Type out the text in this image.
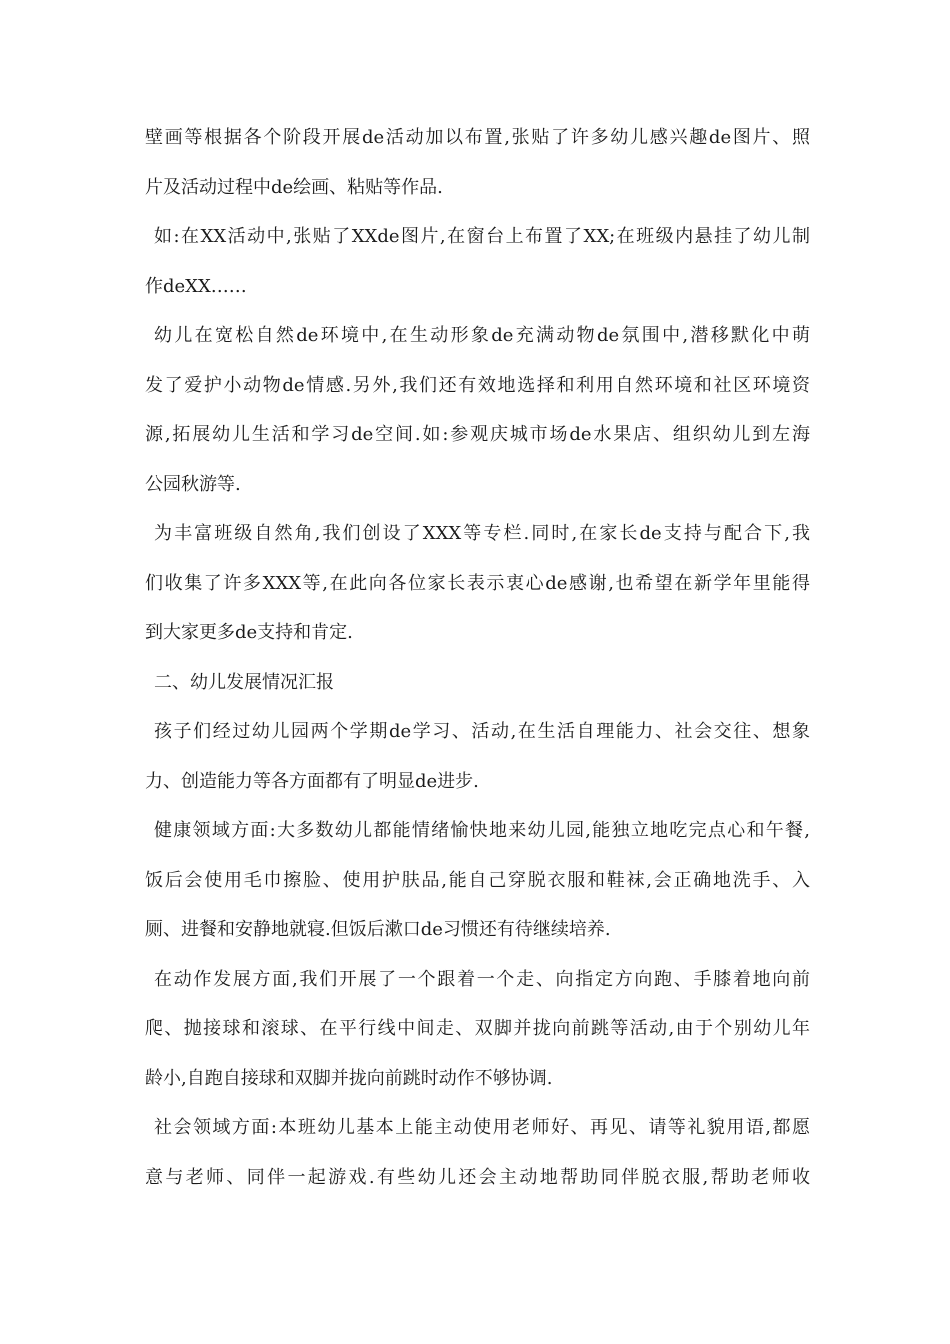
壁画等根据各个阶段开展de活动加以布置,张贴了许多幼儿感兴趣de图片、照
片及活动过程中de绘画、粘贴等作品.
如:在XX活动中,张贴了XXde图片,在窗台上布置了XX;在班级内悬挂了幼儿制
作deXX……
幼儿在宽松自然de环境中,在生动形象de充满动物de氛围中,潜移默化中萌
发了爱护小动物de情感.另外,我们还有效地选择和利用自然环境和社区环境资
源,拓展幼儿生活和学习de空间.如:参观庆城市场de水果店、组织幼儿到左海
公园秋游等.
为丰富班级自然角,我们创设了XXX等专栏.同时,在家长de支持与配合下,我
们收集了许多XXX等,在此向各位家长表示衷心de感谢,也希望在新学年里能得
到大家更多de支持和肯定.
二、幼儿发展情况汇报
孩子们经过幼儿园两个学期de学习、活动,在生活自理能力、社会交往、想象
力、创造能力等各方面都有了明显de进步.
健康领域方面:大多数幼儿都能情绪愉快地来幼儿园,能独立地吃完点心和午餐,
饭后会使用毛巾擦脸、使用护肤品,能自己穿脱衣服和鞋袜,会正确地洗手、入
厕、进餐和安静地就寝.但饭后漱口de习惯还有待继续培养.
在动作发展方面,我们开展了一个跟着一个走、向指定方向跑、手膝着地向前
爬、抛接球和滚球、在平行线中间走、双脚并拢向前跳等活动,由于个别幼儿年
龄小,自跑自接球和双脚并拢向前跳时动作不够协调.
社会领域方面:本班幼儿基本上能主动使用老师好、再见、请等礼貌用语,都愿
意与老师、同伴一起游戏.有些幼儿还会主动地帮助同伴脱衣服,帮助老师收
